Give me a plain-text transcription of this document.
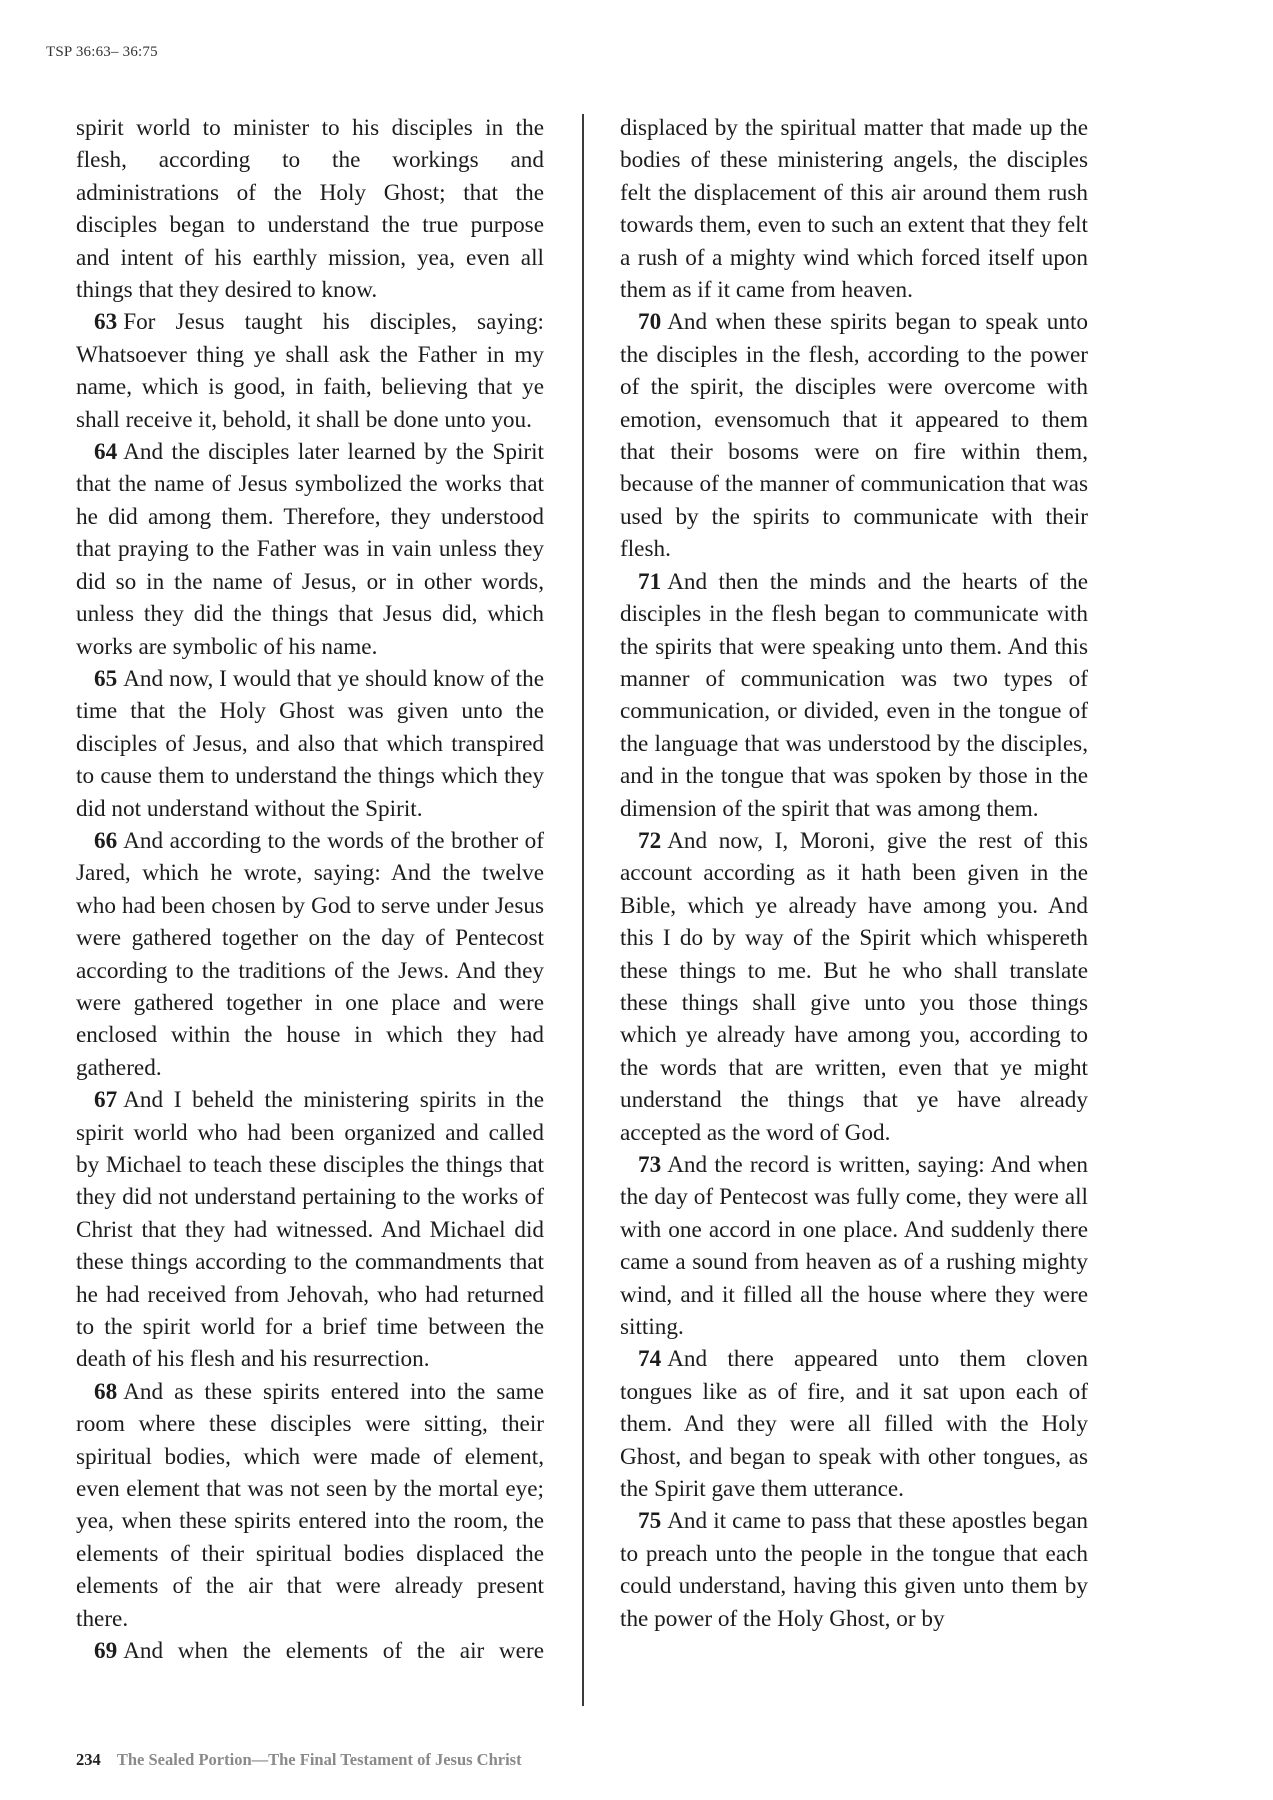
TSP 36:63– 36:75

spirit world to minister to his disciples in the flesh, according to the workings and administrations of the Holy Ghost; that the disciples began to understand the true purpose and intent of his earthly mission, yea, even all things that they desired to know.

63 For Jesus taught his disciples, saying: Whatsoever thing ye shall ask the Father in my name, which is good, in faith, believing that ye shall receive it, behold, it shall be done unto you.

64 And the disciples later learned by the Spirit that the name of Jesus symbolized the works that he did among them. Therefore, they understood that praying to the Father was in vain unless they did so in the name of Jesus, or in other words, unless they did the things that Jesus did, which works are symbolic of his name.

65 And now, I would that ye should know of the time that the Holy Ghost was given unto the disciples of Jesus, and also that which transpired to cause them to understand the things which they did not understand without the Spirit.

66 And according to the words of the brother of Jared, which he wrote, saying: And the twelve who had been chosen by God to serve under Jesus were gathered together on the day of Pentecost according to the traditions of the Jews. And they were gathered together in one place and were enclosed within the house in which they had gathered.

67 And I beheld the ministering spirits in the spirit world who had been organized and called by Michael to teach these disciples the things that they did not understand pertaining to the works of Christ that they had witnessed. And Michael did these things according to the commandments that he had received from Jehovah, who had returned to the spirit world for a brief time between the death of his flesh and his resurrection.

68 And as these spirits entered into the same room where these disciples were sitting, their spiritual bodies, which were made of element, even element that was not seen by the mortal eye; yea, when these spirits entered into the room, the elements of their spiritual bodies displaced the elements of the air that were already present there.

69 And when the elements of the air were

displaced by the spiritual matter that made up the bodies of these ministering angels, the disciples felt the displacement of this air around them rush towards them, even to such an extent that they felt a rush of a mighty wind which forced itself upon them as if it came from heaven.

70 And when these spirits began to speak unto the disciples in the flesh, according to the power of the spirit, the disciples were overcome with emotion, evensomuch that it appeared to them that their bosoms were on fire within them, because of the manner of communication that was used by the spirits to communicate with their flesh.

71 And then the minds and the hearts of the disciples in the flesh began to communicate with the spirits that were speaking unto them. And this manner of communication was two types of communication, or divided, even in the tongue of the language that was understood by the disciples, and in the tongue that was spoken by those in the dimension of the spirit that was among them.

72 And now, I, Moroni, give the rest of this account according as it hath been given in the Bible, which ye already have among you. And this I do by way of the Spirit which whispereth these things to me. But he who shall translate these things shall give unto you those things which ye already have among you, according to the words that are written, even that ye might understand the things that ye have already accepted as the word of God.

73 And the record is written, saying: And when the day of Pentecost was fully come, they were all with one accord in one place. And suddenly there came a sound from heaven as of a rushing mighty wind, and it filled all the house where they were sitting.

74 And there appeared unto them cloven tongues like as of fire, and it sat upon each of them. And they were all filled with the Holy Ghost, and began to speak with other tongues, as the Spirit gave them utterance.

75 And it came to pass that these apostles began to preach unto the people in the tongue that each could understand, having this given unto them by the power of the Holy Ghost, or by

234 The Sealed Portion—The Final Testament of Jesus Christ
